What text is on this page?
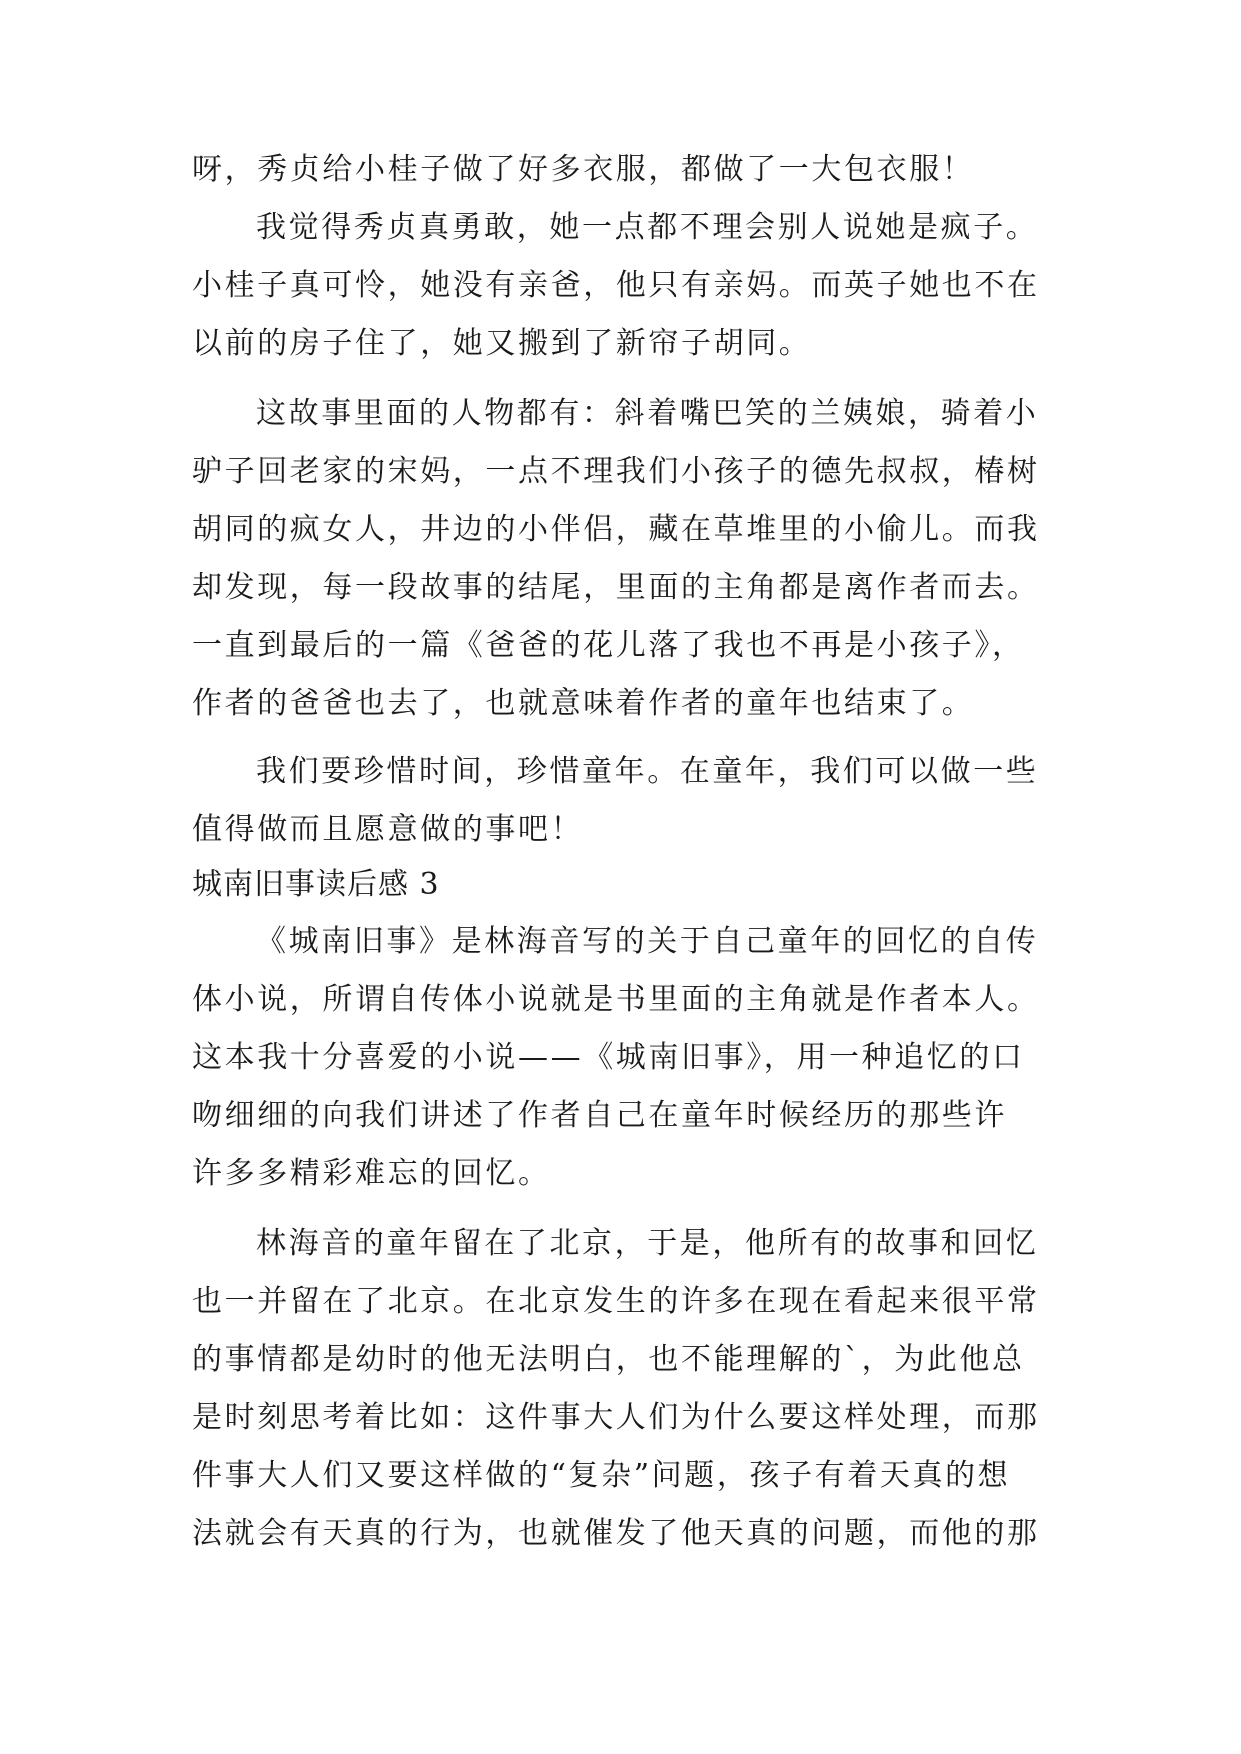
呀，秀贞给小桂子做了好多衣服，都做了一大包衣服！
我觉得秀贞真勇敢，她一点都不理会别人说她是疯子。
小桂子真可怜，她没有亲爸，他只有亲妈。而英子她也不在
以前的房子住了，她又搬到了新帘子胡同。
这故事里面的人物都有：斜着嘴巴笑的兰姨娘，骑着小
驴子回老家的宋妈，一点不理我们小孩子的德先叔叔，椿树
胡同的疯女人，井边的小伴侣，藏在草堆里的小偷儿。而我
却发现，每一段故事的结尾，里面的主角都是离作者而去。
一直到最后的一篇《爸爸的花儿落了我也不再是小孩子》，
作者的爸爸也去了，也就意味着作者的童年也结束了。
我们要珍惜时间，珍惜童年。在童年，我们可以做一些
值得做而且愿意做的事吧！
城南旧事读后感 3
《城南旧事》是林海音写的关于自己童年的回忆的自传
体小说，所谓自传体小说就是书里面的主角就是作者本人。
这本我十分喜爱的小说——《城南旧事》，用一种追忆的口
吻细细的向我们讲述了作者自己在童年时候经历的那些许
许多多精彩难忘的回忆。
林海音的童年留在了北京，于是，他所有的故事和回忆
也一并留在了北京。在北京发生的许多在现在看起来很平常
的事情都是幼时的他无法明白，也不能理解的`，为此他总
是时刻思考着比如：这件事大人们为什么要这样处理，而那
件事大人们又要这样做的“复杂”问题，孩子有着天真的想
法就会有天真的行为，也就催发了他天真的问题，而他的那
